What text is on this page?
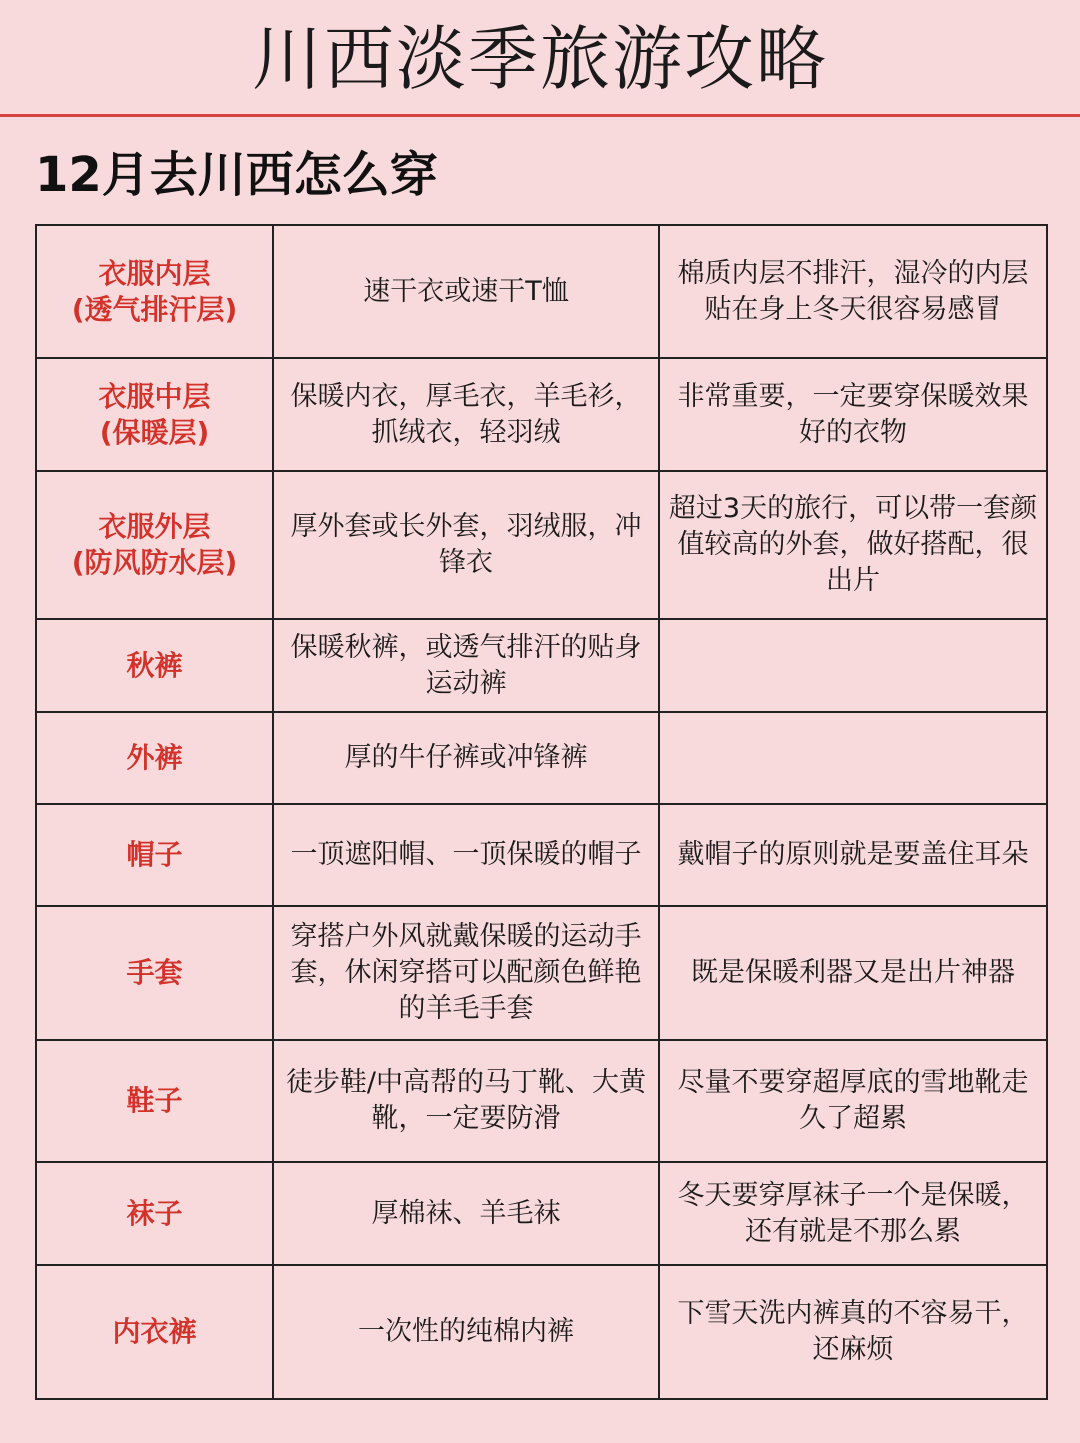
川西淡季旅游攻略
12月去川西怎么穿
衣服内层
(透气排汗层)	速干衣或速干T恤	棉质内层不排汗，湿冷的内层贴在身上冬天很容易感冒

衣服中层
(保暖层)	保暖内衣，厚毛衣，羊毛衫，抓绒衣，轻羽绒	非常重要，一定要穿保暖效果好的衣物

衣服外层
(防风防水层)	厚外套或长外套，羽绒服，冲锋衣	超过3天的旅行，可以带一套颜值较高的外套，做好搭配，很出片
秋裤	保暖秋裤，或透气排汗的贴身运动裤	
外裤	厚的牛仔裤或冲锋裤	
帽子	一顶遮阳帽、一顶保暖的帽子	戴帽子的原则就是要盖住耳朵
手套	穿搭户外风就戴保暖的运动手套，休闲穿搭可以配颜色鲜艳的羊毛手套	既是保暖利器又是出片神器
鞋子	徒步鞋/中高帮的马丁靴、大黄靴，一定要防滑	尽量不要穿超厚底的雪地靴走久了超累
袜子	厚棉袜、羊毛袜	冬天要穿厚袜子一个是保暖，还有就是不那么累
内衣裤	一次性的纯棉内裤	下雪天洗内裤真的不容易干，还麻烦
